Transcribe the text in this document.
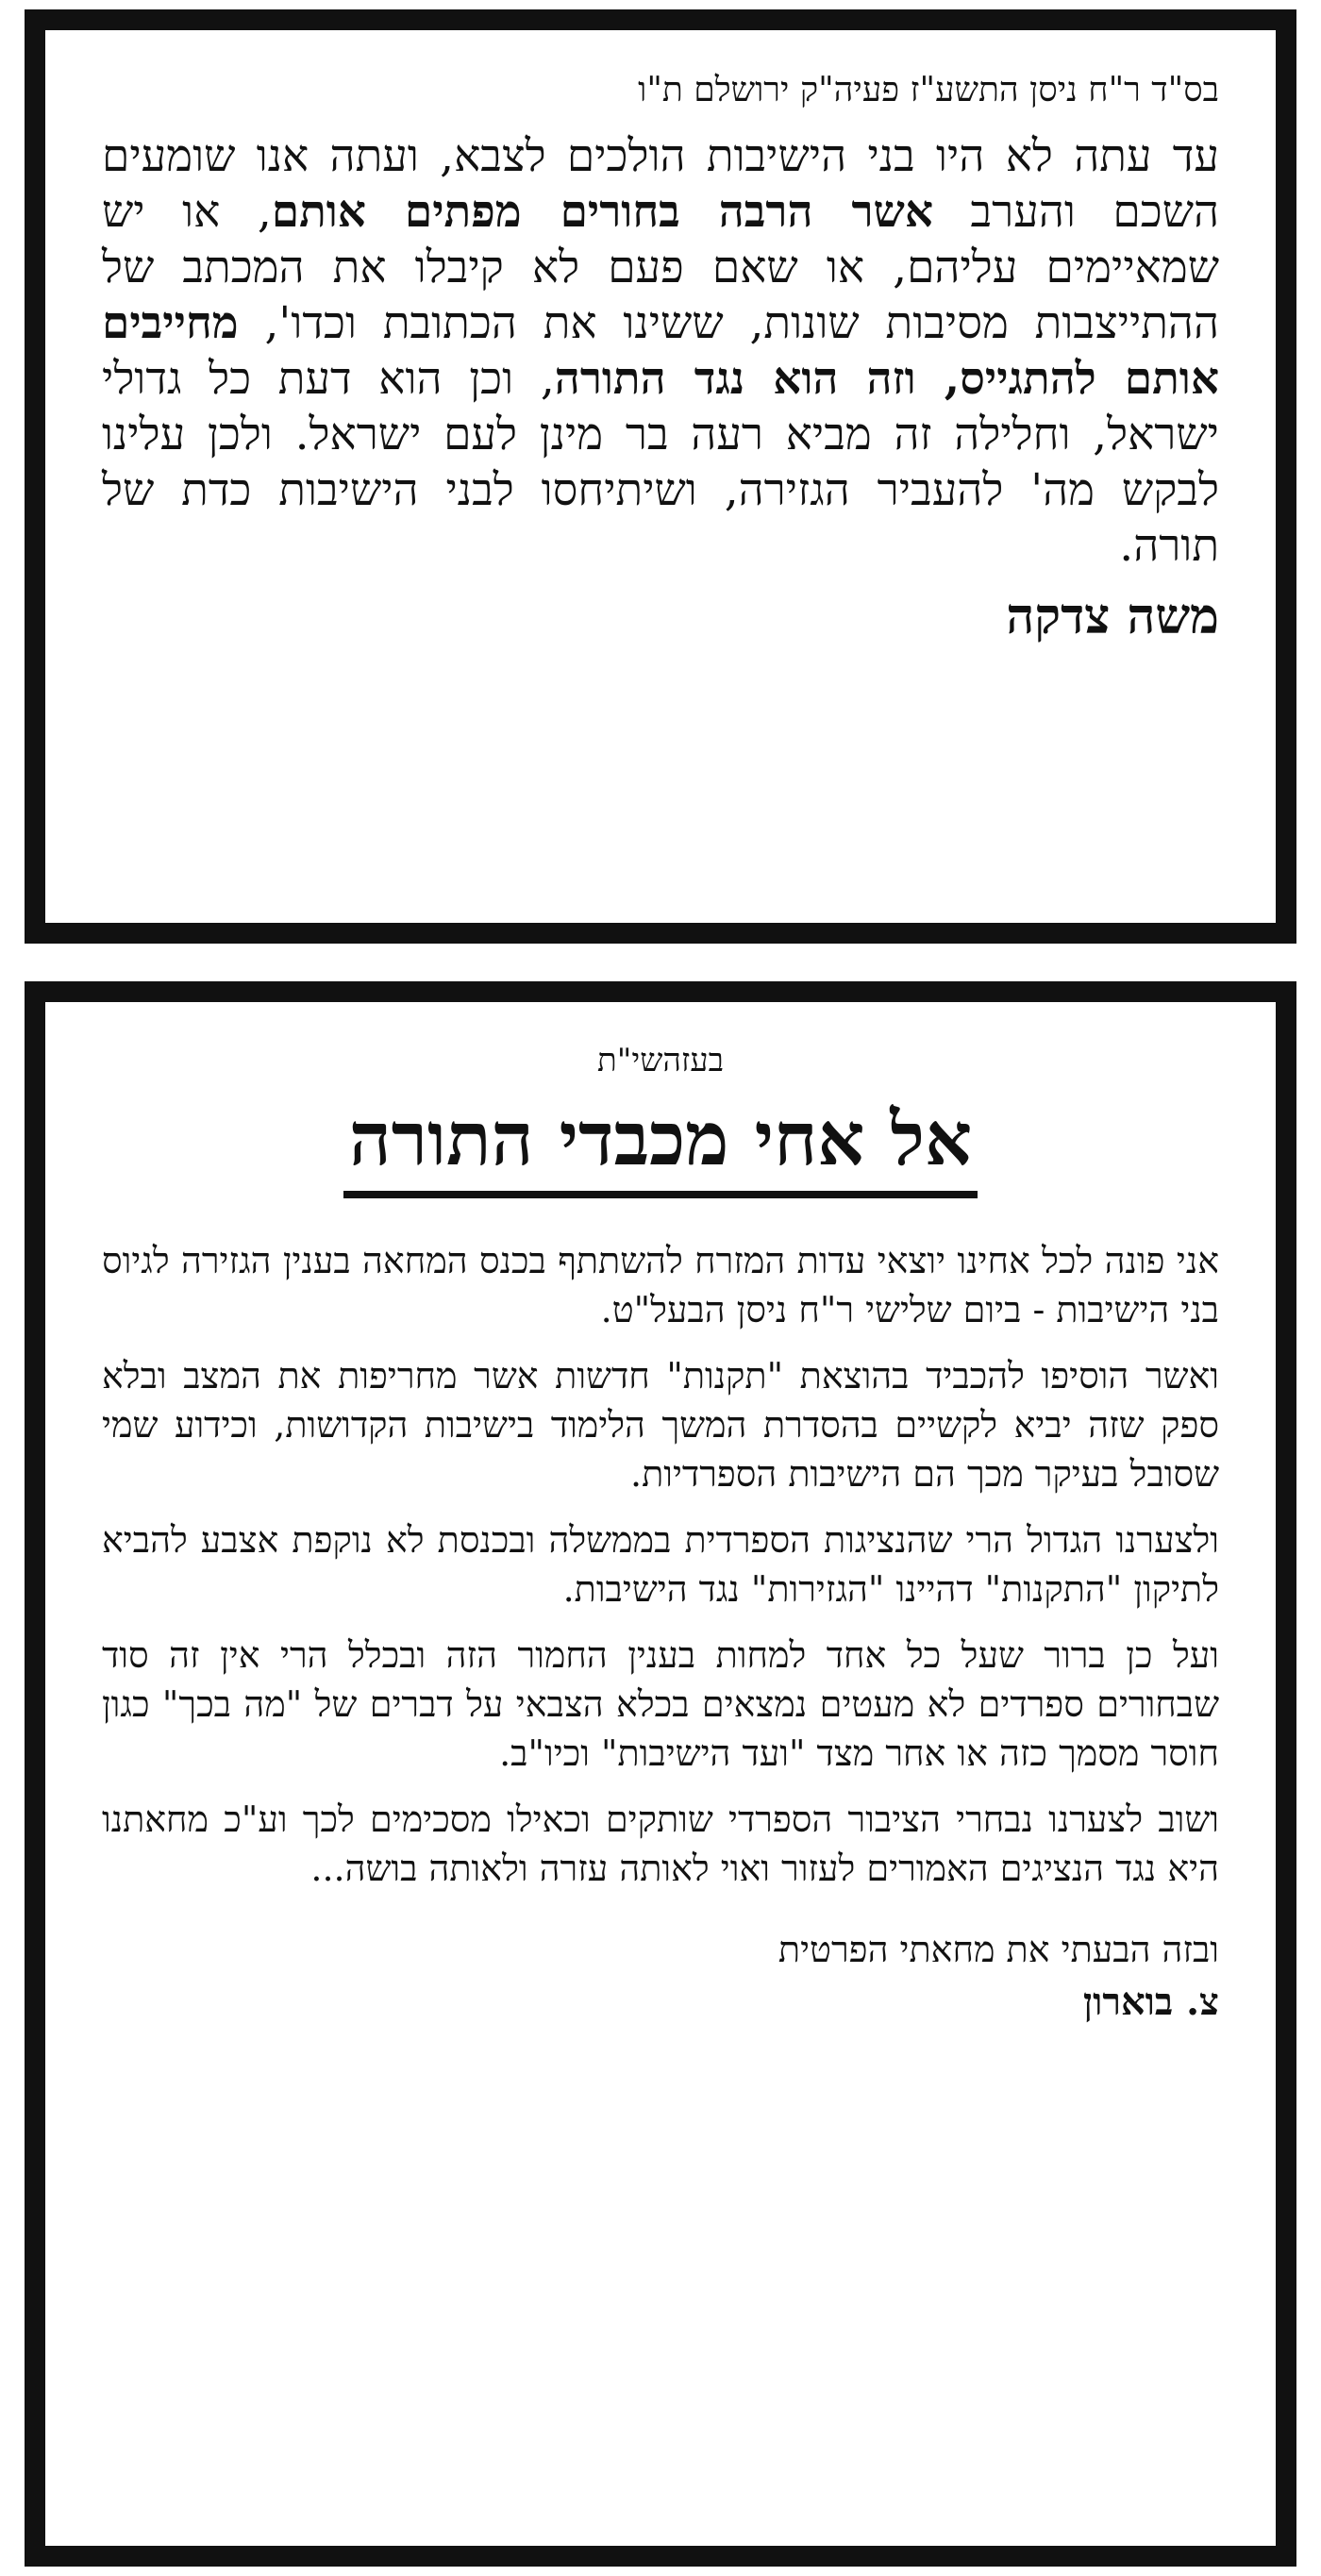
בס"ד ר"ח ניסן התשע"ז פעיה"ק ירושלם ת"ו

עד עתה לא היו בני הישיבות הולכים לצבא, ועתה אנו שומעים השכם והערב אשר הרבה בחורים מפתים אותם, או יש שמאיימים עליהם, או שאם פעם לא קיבלו את המכתב של ההתייצבות מסיבות שונות, ששינו את הכתובת וכדו', מחייבים אותם להתגייס, וזה הוא נגד התורה, וכן הוא דעת כל גדולי ישראל, וחלילה זה מביא רעה בר מינן לעם ישראל. ולכן עלינו לבקש מה' להעביר הגזירה, ושיתיחסו לבני הישיבות כדת של תורה.

משה צדקה
בעזהשי"ת
אל אחי מכבדי התורה

אני פונה לכל אחינו יוצאי עדות המזרח להשתתף בכנס המחאה בענין הגזירה לגיוס בני הישיבות - ביום שלישי ר"ח ניסן הבעל"ט.

ואשר הוסיפו להכביד בהוצאת "תקנות" חדשות אשר מחריפות את המצב ובלא ספק שזה יביא לקשיים בהסדרת המשך הלימוד בישיבות הקדושות, וכידוע שמי שסובל בעיקר מכך הם הישיבות הספרדיות.

ולצערנו הגדול הרי שהנציגות הספרדית בממשלה ובכנסת לא נוקפת אצבע להביא לתיקון "התקנות" דהיינו "הגזירות" נגד הישיבות.

ועל כן ברור שעל כל אחד למחות בענין החמור הזה ובכלל הרי אין זה סוד שבחורים ספרדים לא מעטים נמצאים בכלא הצבאי על דברים של "מה בכך" כגון חוסר מסמך כזה או אחר מצד "ועד הישיבות" וכיו"ב.

ושוב לצערנו נבחרי הציבור הספרדי שותקים וכאילו מסכימים לכך וע"כ מחאתנו היא נגד הנציגים האמורים לעזור ואוי לאותה עזרה ולאותה בושה...

ובזה הבעתי את מחאתי הפרטית
צ. בוארון
